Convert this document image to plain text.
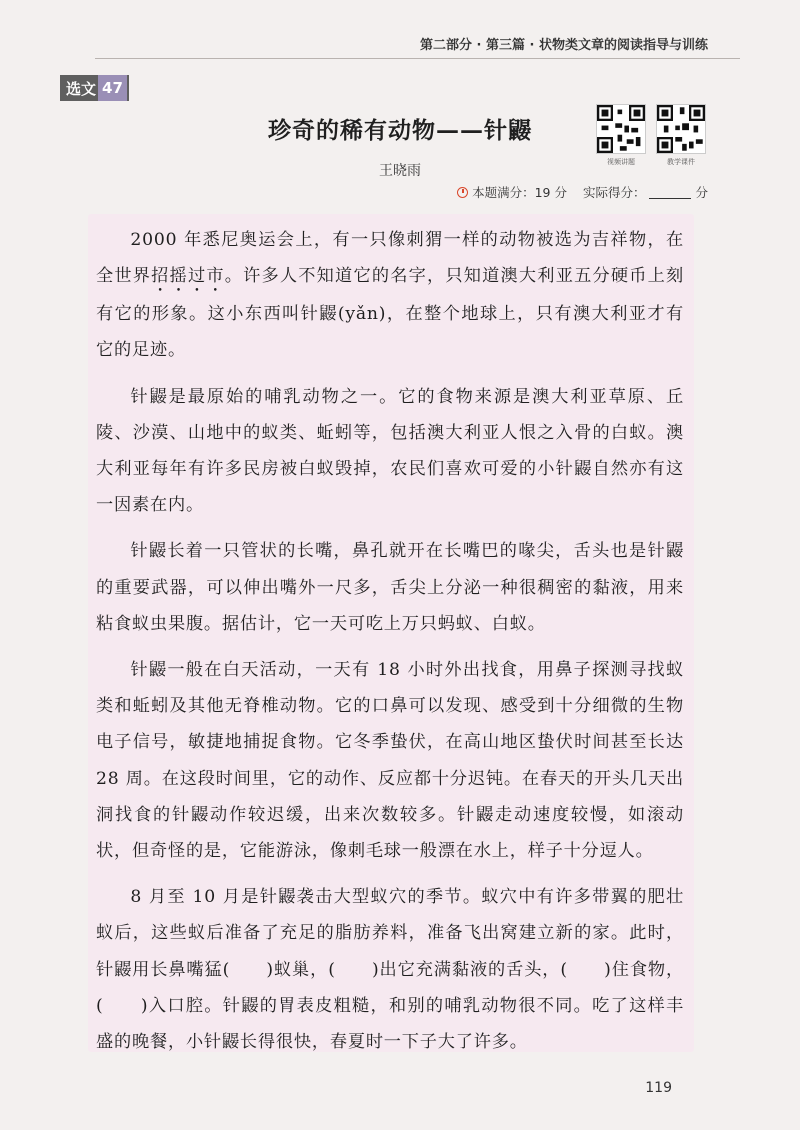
第二部分 · 第三篇 · 状物类文章的阅读指导与训练
选文 47
珍奇的稀有动物——针鼹
王晓雨
视频讲题	教学课件
本题满分：19 分 实际得分：	分

2000 年悉尼奥运会上，有一只像刺猬一样的动物被选为吉祥物，在全世界招摇过市。许多人不知道它的名字，只知道澳大利亚五分硬币上刻有它的形象。这小东西叫针鼹(yǎn)，在整个地球上，只有澳大利亚才有它的足迹。

针鼹是最原始的哺乳动物之一。它的食物来源是澳大利亚草原、丘陵、沙漠、山地中的蚁类、蚯蚓等，包括澳大利亚人恨之入骨的白蚁。澳大利亚每年有许多民房被白蚁毁掉，农民们喜欢可爱的小针鼹自然亦有这一因素在内。

针鼹长着一只管状的长嘴，鼻孔就开在长嘴巴的喙尖，舌头也是针鼹的重要武器，可以伸出嘴外一尺多，舌尖上分泌一种很稠密的黏液，用来粘食蚁虫果腹。据估计，它一天可吃上万只蚂蚁、白蚁。

针鼹一般在白天活动，一天有 18 小时外出找食，用鼻子探测寻找蚁类和蚯蚓及其他无脊椎动物。它的口鼻可以发现、感受到十分细微的生物电子信号，敏捷地捕捉食物。它冬季蛰伏，在高山地区蛰伏时间甚至长达 28 周。在这段时间里，它的动作、反应都十分迟钝。在春天的开头几天出洞找食的针鼹动作较迟缓，出来次数较多。针鼹走动速度较慢，如滚动状，但奇怪的是，它能游泳，像刺毛球一般漂在水上，样子十分逗人。

8 月至 10 月是针鼹袭击大型蚁穴的季节。蚁穴中有许多带翼的肥壮蚁后，这些蚁后准备了充足的脂肪养料，准备飞出窝建立新的家。此时，针鼹用长鼻嘴猛(　　)蚁巢，(　　)出它充满黏液的舌头，(　　)住食物，(　　)入口腔。针鼹的胃表皮粗糙，和别的哺乳动物很不同。吃了这样丰盛的晚餐，小针鼹长得很快，春夏时一下子大了许多。

119
